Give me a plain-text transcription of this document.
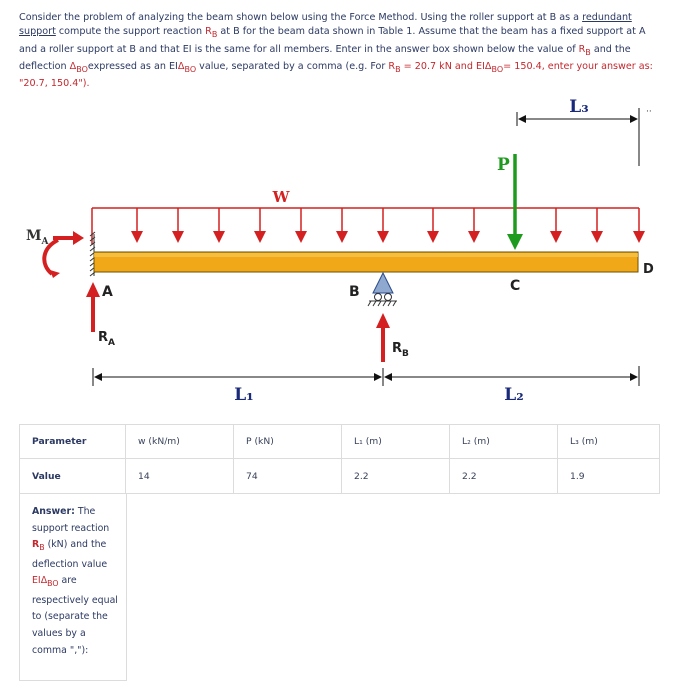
Consider the problem of analyzing the beam shown below using the Force Method. Using the roller support at B as a redundant support compute the support reaction $R_B$ at B for the beam data shown in Table 1. Assume that the beam has a fixed support at A and a roller support at B and that EI is the same for all members. Enter in the answer box shown below the value of $R_B$ and the deflection $\Delta_{BO}expressed$ as an $EI\Delta_{BO}$ value, separated by a comma (e.g. For $R_B = 20.7$ kN and $EI\Delta_{BO}= 150.4$, enter your answer as: "20.7, 150.4").
W
$M_A$
A
$R_A$
B
$R_B$
P
C
D
L₃	··
L₁	L₂
Parameter	w (kN/m)	P (kN)	L₁ (m)	L₂ (m)	L₃ (m)
Value	14	74	2.2	2.2	1.9
Answer: The support reaction $R_B$ (kN) and the deflection value $EI\Delta_{BO}$ are respectively equal to (separate the values by a comma ","):
